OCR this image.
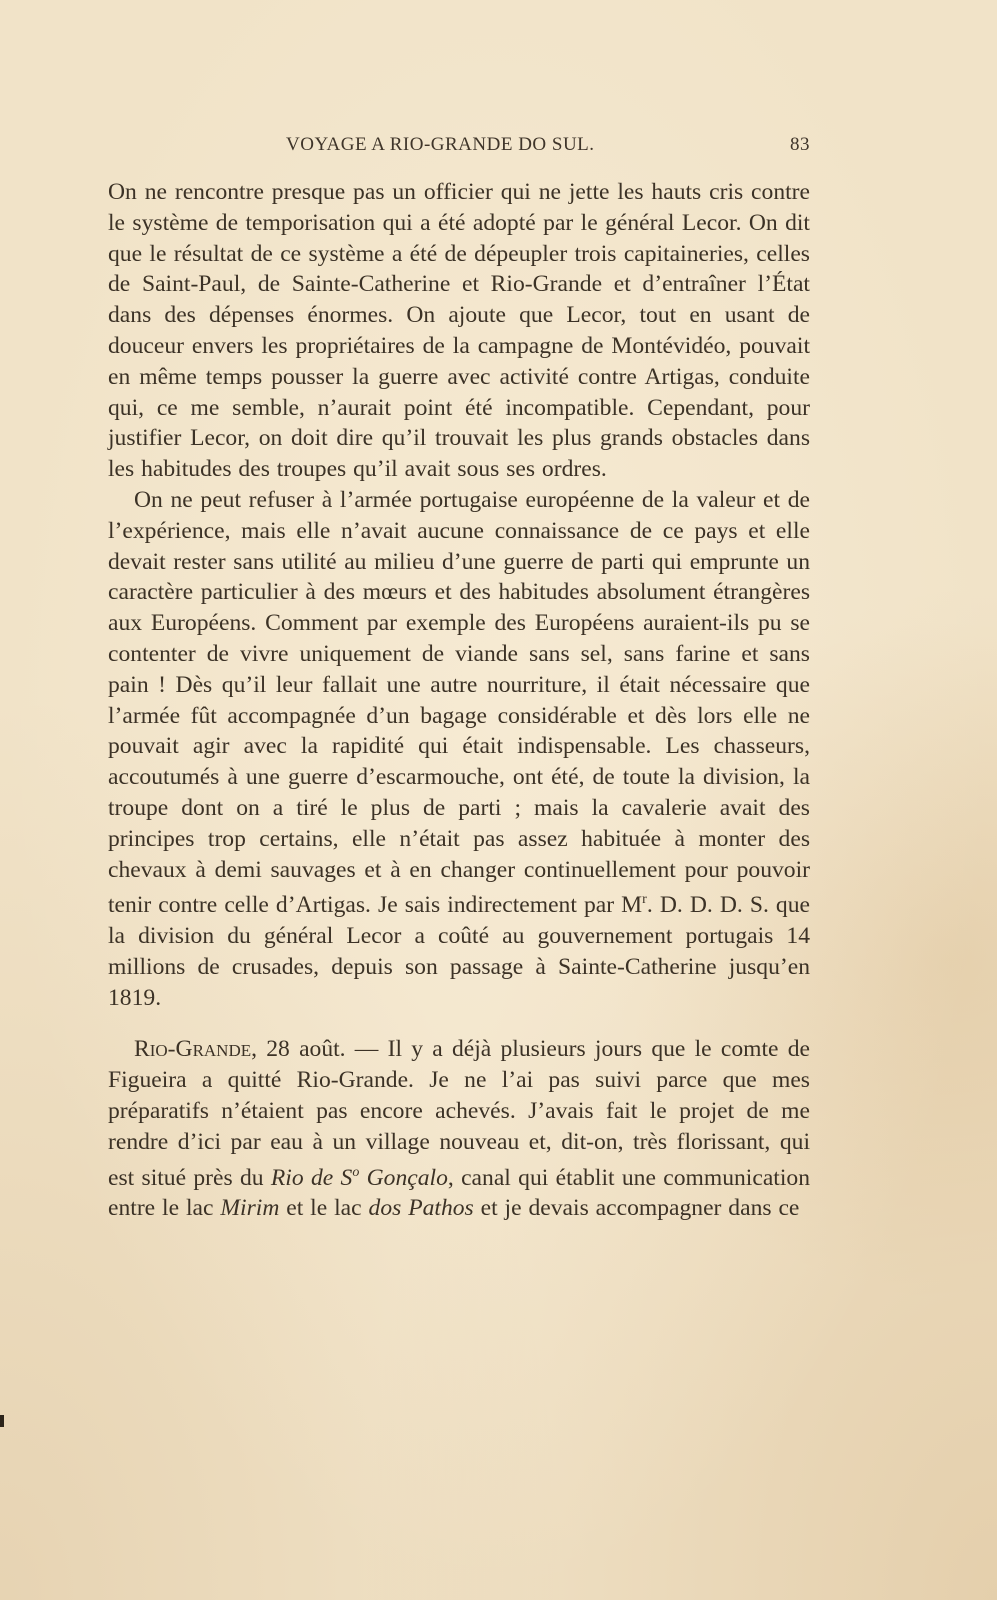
VOYAGE A RIO-GRANDE DO SUL.	83

On ne rencontre presque pas un officier qui ne jette les hauts cris contre le système de temporisation qui a été adopté par le général Lecor. On dit que le résultat de ce système a été de dépeupler trois capitaineries, celles de Saint-Paul, de Sainte-Catherine et Rio-Grande et d’entraîner l’État dans des dépenses énormes. On ajoute que Lecor, tout en usant de douceur envers les propriétaires de la campagne de Montévidéo, pouvait en même temps pousser la guerre avec activité contre Artigas, conduite qui, ce me semble, n’aurait point été incompatible. Cependant, pour justifier Lecor, on doit dire qu’il trouvait les plus grands obstacles dans les habitudes des troupes qu’il avait sous ses ordres.

On ne peut refuser à l’armée portugaise européenne de la valeur et de l’expérience, mais elle n’avait aucune connaissance de ce pays et elle devait rester sans utilité au milieu d’une guerre de parti qui emprunte un caractère particulier à des mœurs et des habitudes absolument étrangères aux Européens. Comment par exemple des Européens auraient-ils pu se contenter de vivre uniquement de viande sans sel, sans farine et sans pain ! Dès qu’il leur fallait une autre nourriture, il était nécessaire que l’armée fût accompagnée d’un bagage considérable et dès lors elle ne pouvait agir avec la rapidité qui était indispensable. Les chasseurs, accoutumés à une guerre d’escarmouche, ont été, de toute la division, la troupe dont on a tiré le plus de parti ; mais la cavalerie avait des principes trop certains, elle n’était pas assez habituée à monter des chevaux à demi sauvages et à en changer continuellement pour pouvoir tenir contre celle d’Artigas. Je sais indirectement par $M^r$. D. D. D. S. que la division du général Lecor a coûté au gouvernement portugais 14 millions de crusades, depuis son passage à Sainte-Catherine jusqu’en 1819.

Rio-Grande, 28 août. — Il y a déjà plusieurs jours que le comte de Figueira a quitté Rio-Grande. Je ne l’ai pas suivi parce que mes préparatifs n’étaient pas encore achevés. J’avais fait le projet de me rendre d’ici par eau à un village nouveau et, dit-on, très florissant, qui est situé près du Rio de $S^o$ Gonçalo, canal qui établit une communication entre le lac Mirim et le lac dos Pathos et je devais accompagner dans ce
